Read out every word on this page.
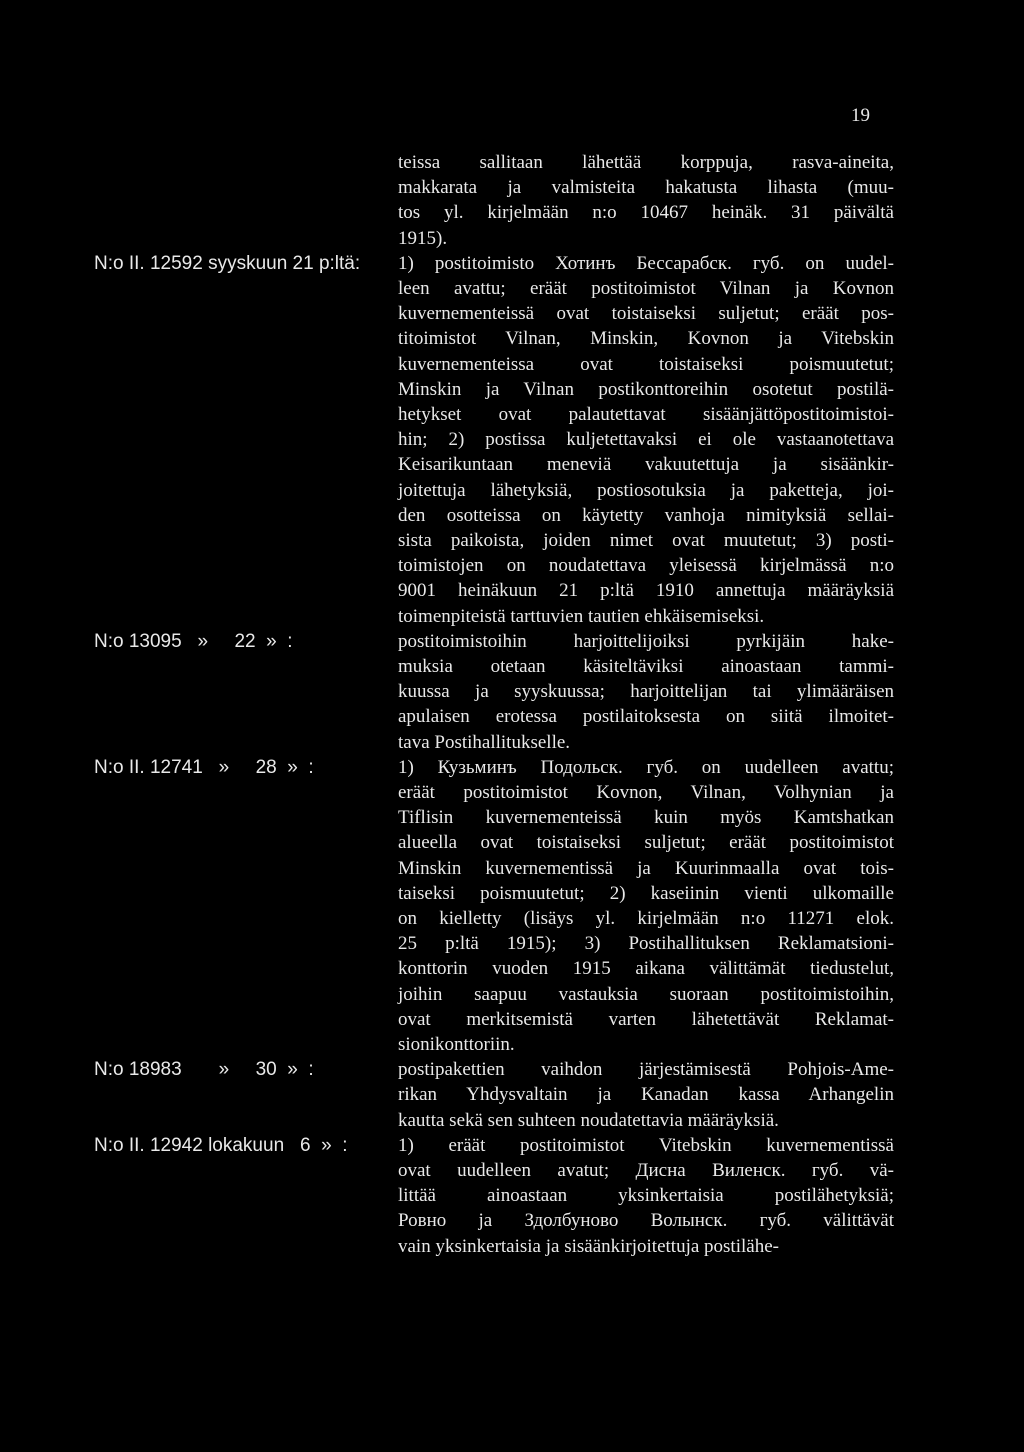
19
teissa sallitaan lähettää korppuja, rasva-aineita,
makkarata ja valmisteita hakatusta lihasta (muu-
tos yl. kirjelmään n:o 10467 heinäk. 31 päivältä
1915).
N:o II. 12592 syyskuun 21 p:ltä:	1) postitoimisto Хотинъ Бессарабск. губ. on uudel-
leen avattu; eräät postitoimistot Vilnan ja Kovnon
kuvernementeissä ovat toistaiseksi suljetut; eräät pos-
titoimistot Vilnan, Minskin, Kovnon ja Vitebskin
kuvernementeissa ovat toistaiseksi poismuutetut;
Minskin ja Vilnan postikonttoreihin osotetut postilä-
hetykset ovat palautettavat sisäänjättöpostitoimistoi-
hin; 2) postissa kuljetettavaksi ei ole vastaanotettava
Keisarikuntaan meneviä vakuutettuja ja sisäänkir-
joitettuja lähetyksiä, postiosotuksia ja paketteja, joi-
den osotteissa on käytetty vanhoja nimityksiä sellai-
sista paikoista, joiden nimet ovat muutetut; 3) posti-
toimistojen on noudatettava yleisessä kirjelmässä n:o
9001 heinäkuun 21 p:ltä 1910 annettuja määräyksiä
toimenpiteistä tarttuvien tautien ehkäisemiseksi.
N:o 13095   »     22  »  :	postitoimistoihin harjoittelijoiksi pyrkijäin hake-
muksia otetaan käsiteltäviksi ainoastaan tammi-
kuussa ja syyskuussa; harjoittelijan tai ylimääräisen
apulaisen erotessa postilaitoksesta on siitä ilmoitet-
tava Postihallitukselle.
N:o II. 12741   »     28  »  :	1) Кузьминъ Подольск. губ. on uudelleen avattu;
eräät postitoimistot Kovnon, Vilnan, Volhynian ja
Tiflisin kuvernementeissä kuin myös Kamtshatkan
alueella ovat toistaiseksi suljetut; eräät postitoimistot
Minskin kuvernementissä ja Kuurinmaalla ovat tois-
taiseksi poismuutetut; 2) kaseiinin vienti ulkomaille
on kielletty (lisäys yl. kirjelmään n:o 11271 elok.
25 p:ltä 1915); 3) Postihallituksen Reklamatsioni-
konttorin vuoden 1915 aikana välittämät tiedustelut,
joihin saapuu vastauksia suoraan postitoimistoihin,
ovat merkitsemistä varten lähetettävät Reklamat-
sionikonttoriin.
N:o 18983       »     30  »  :	postipakettien vaihdon järjestämisestä Pohjois-Ame-
rikan Yhdysvaltain ja Kanadan kassa Arhangelin
kautta sekä sen suhteen noudatettavia määräyksiä.
N:o II. 12942 lokakuun   6  »  :	1) eräät postitoimistot Vitebskin kuvernementissä
ovat uudelleen avatut; Дисна Виленск. губ. vä-
littää ainoastaan yksinkertaisia postilähetyksiä;
Ровно ja Здолбуново Волынск. губ. välittävät
vain yksinkertaisia ja sisäänkirjoitettuja postilähe-
